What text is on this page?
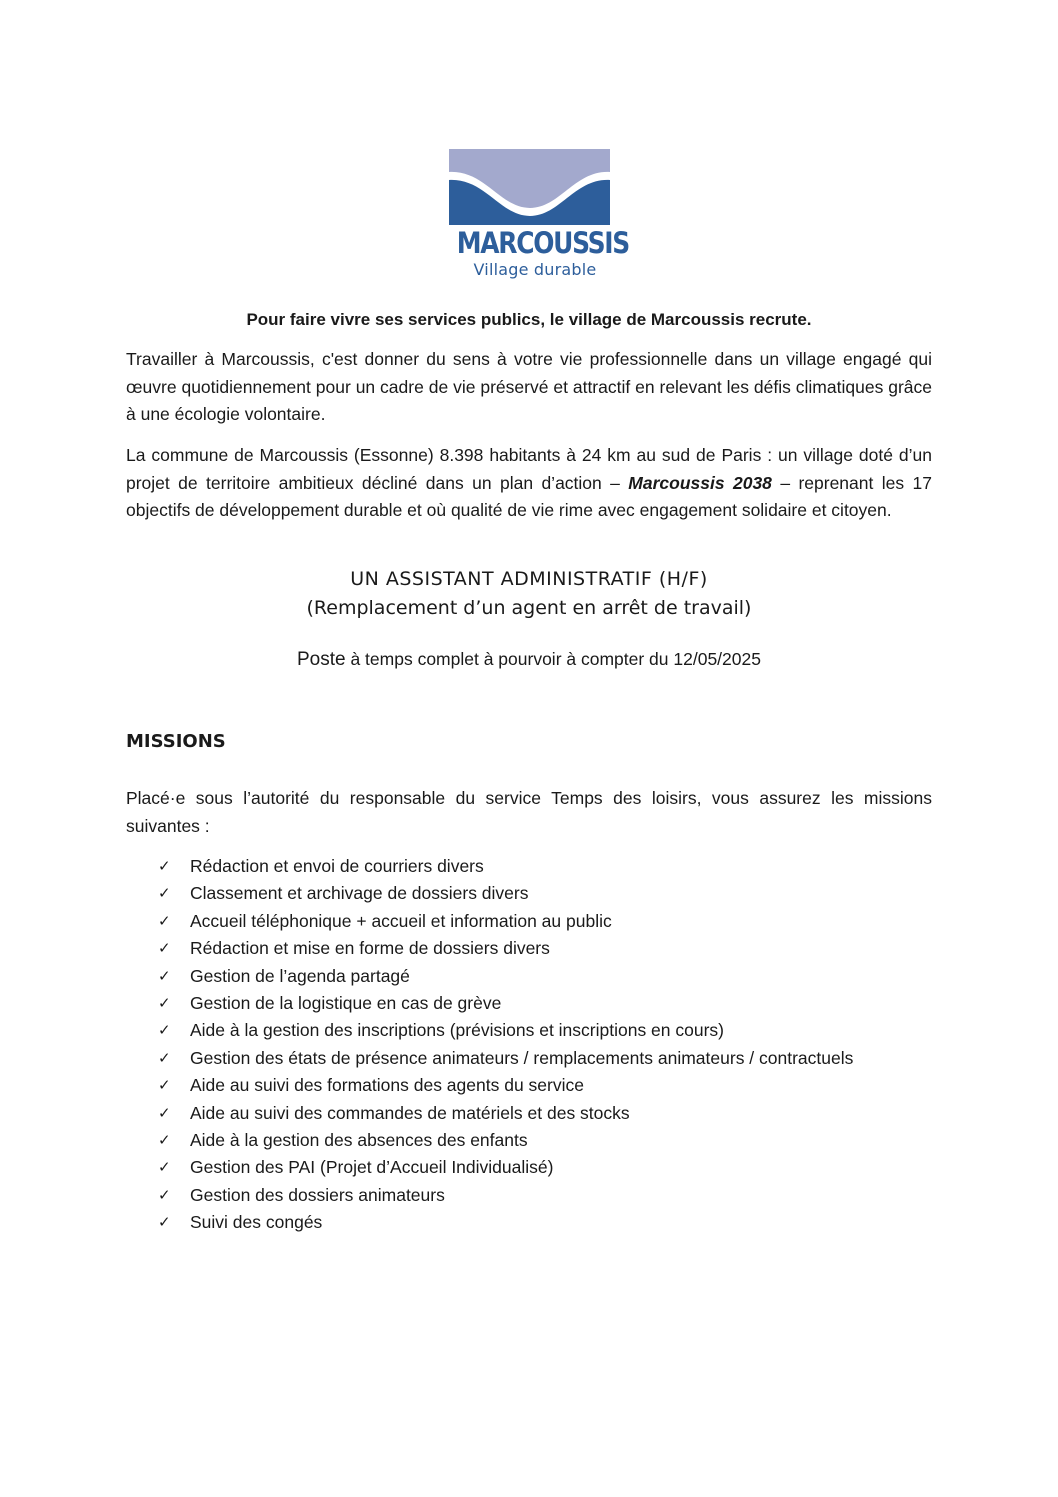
MARCOUSSIS
Village durable
Pour faire vivre ses services publics, le village de Marcoussis recrute.
Travailler à Marcoussis, c'est donner du sens à votre vie professionnelle dans un village engagé qui œuvre quotidiennement pour un cadre de vie préservé et attractif en relevant les défis climatiques grâce à une écologie volontaire.
La commune de Marcoussis (Essonne) 8.398 habitants à 24 km au sud de Paris : un village doté d’un projet de territoire ambitieux décliné dans un plan d’action – Marcoussis 2038 – reprenant les 17 objectifs de développement durable et où qualité de vie rime avec engagement solidaire et citoyen.
UN ASSISTANT ADMINISTRATIF (H/F)
(Remplacement d’un agent en arrêt de travail)
Poste à temps complet à pourvoir à compter du 12/05/2025
MISSIONS
Placé·e sous l’autorité du responsable du service Temps des loisirs, vous assurez les missions suivantes :
✓ Rédaction et envoi de courriers divers
✓ Classement et archivage de dossiers divers
✓ Accueil téléphonique + accueil et information au public
✓ Rédaction et mise en forme de dossiers divers
✓ Gestion de l’agenda partagé
✓ Gestion de la logistique en cas de grève
✓ Aide à la gestion des inscriptions (prévisions et inscriptions en cours)
✓ Gestion des états de présence animateurs / remplacements animateurs / contractuels
✓ Aide au suivi des formations des agents du service
✓ Aide au suivi des commandes de matériels et des stocks
✓ Aide à la gestion des absences des enfants
✓ Gestion des PAI (Projet d’Accueil Individualisé)
✓ Gestion des dossiers animateurs
✓ Suivi des congés
